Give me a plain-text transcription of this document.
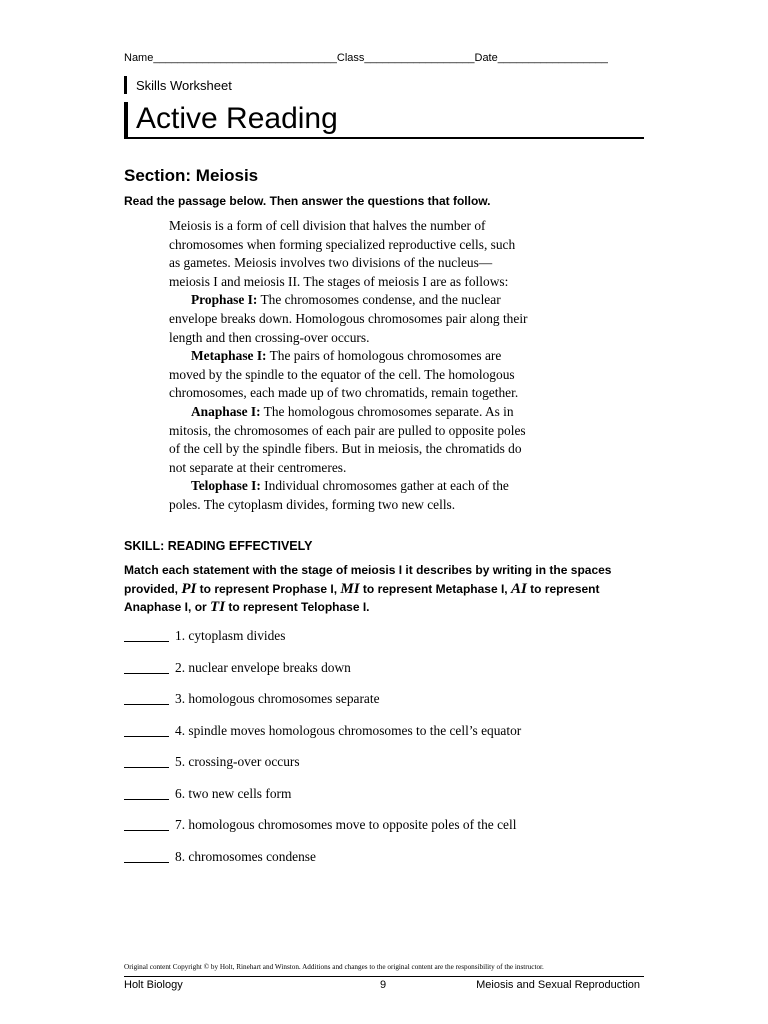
Name______________________________Class__________________Date__________________
Skills Worksheet
Active Reading
Section: Meiosis
Read the passage below. Then answer the questions that follow.
Meiosis is a form of cell division that halves the number of
chromosomes when forming specialized reproductive cells, such
as gametes. Meiosis involves two divisions of the nucleus—
meiosis I and meiosis II. The stages of meiosis I are as follows:
Prophase I: The chromosomes condense, and the nuclear
envelope breaks down. Homologous chromosomes pair along their
length and then crossing-over occurs.
Metaphase I: The pairs of homologous chromosomes are
moved by the spindle to the equator of the cell. The homologous
chromosomes, each made up of two chromatids, remain together.
Anaphase I: The homologous chromosomes separate. As in
mitosis, the chromosomes of each pair are pulled to opposite poles
of the cell by the spindle fibers. But in meiosis, the chromatids do
not separate at their centromeres.
Telophase I: Individual chromosomes gather at each of the
poles. The cytoplasm divides, forming two new cells.
SKILL: READING EFFECTIVELY
Match each statement with the stage of meiosis I it describes by writing in the spaces provided, PI to represent Prophase I, MI to represent Metaphase I, AI to represent Anaphase I, or TI to represent Telophase I.
1. cytoplasm divides
2. nuclear envelope breaks down
3. homologous chromosomes separate
4. spindle moves homologous chromosomes to the cell’s equator
5. crossing-over occurs
6. two new cells form
7. homologous chromosomes move to opposite poles of the cell
8. chromosomes condense
Original content Copyright © by Holt, Rinehart and Winston. Additions and changes to the original content are the responsibility of the instructor.
Holt Biology	9	Meiosis and Sexual Reproduction
